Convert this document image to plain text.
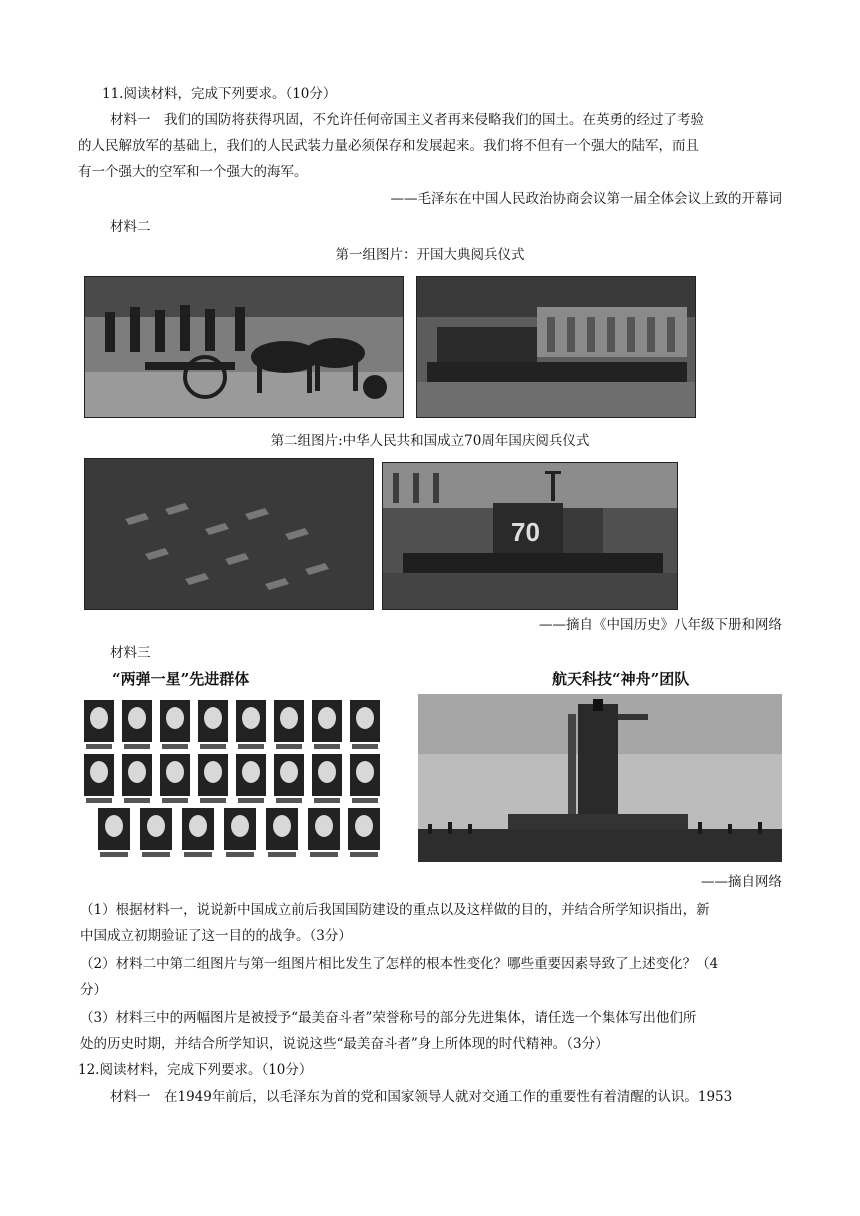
11.阅读材料，完成下列要求。（10分）
材料一　我们的国防将获得巩固，不允许任何帝国主义者再来侵略我们的国土。在英勇的经过了考验
的人民解放军的基础上，我们的人民武装力量必须保存和发展起来。我们将不但有一个强大的陆军，而且
有一个强大的空军和一个强大的海军。
——毛泽东在中国人民政治协商会议第一届全体会议上致的开幕词
材料二
第一组图片：开国大典阅兵仪式
第二组图片:中华人民共和国成立70周年国庆阅兵仪式
70
——摘自《中国历史》八年级下册和网络
材料三
“两弹一星”先进群体	航天科技“神舟”团队
——摘自网络
（1）根据材料一，说说新中国成立前后我国国防建设的重点以及这样做的目的，并结合所学知识指出，新
中国成立初期验证了这一目的的战争。（3分）
（2）材料二中第二组图片与第一组图片相比发生了怎样的根本性变化？哪些重要因素导致了上述变化？（4
分）
（3）材料三中的两幅图片是被授予“最美奋斗者”荣誉称号的部分先进集体，请任选一个集体写出他们所
处的历史时期，并结合所学知识，说说这些“最美奋斗者”身上所体现的时代精神。（3分）
12.阅读材料，完成下列要求。（10分）
材料一　在1949年前后，以毛泽东为首的党和国家领导人就对交通工作的重要性有着清醒的认识。1953
